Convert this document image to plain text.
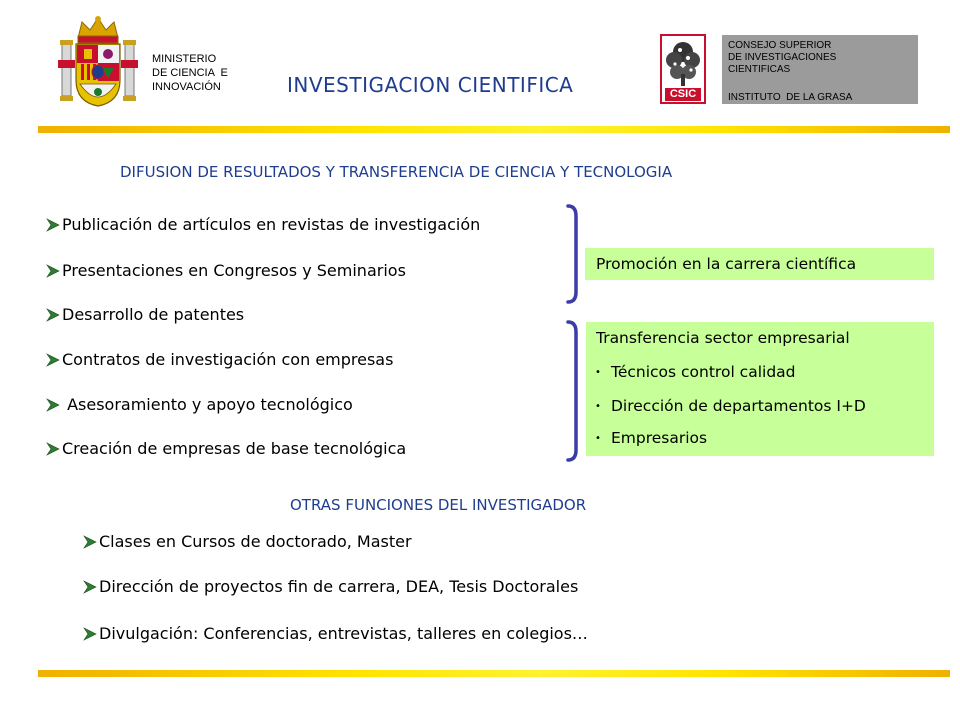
MINISTERIO
DE CIENCIA  E
INNOVACIÓN	INVESTIGACION CIENTIFICA	CSIC
CONSEJO SUPERIOR
DE INVESTIGACIONES
CIENTIFICAS
INSTITUTO  DE LA GRASA
DIFUSION DE RESULTADOS Y TRANSFERENCIA DE CIENCIA Y TECNOLOGIA
Publicación de artículos en revistas de investigación
Presentaciones en Congresos y Seminarios
Desarrollo de patentes
Contratos de investigación con empresas
Asesoramiento y apoyo tecnológico
Creación de empresas de base tecnológica
Promoción en la carrera científica
Transferencia sector empresarial
• Técnicos control calidad
• Dirección de departamentos I+D
• Empresarios
OTRAS FUNCIONES DEL INVESTIGADOR
Clases en Cursos de doctorado, Master
Dirección de proyectos fin de carrera, DEA, Tesis Doctorales
Divulgación: Conferencias, entrevistas, talleres en colegios…
